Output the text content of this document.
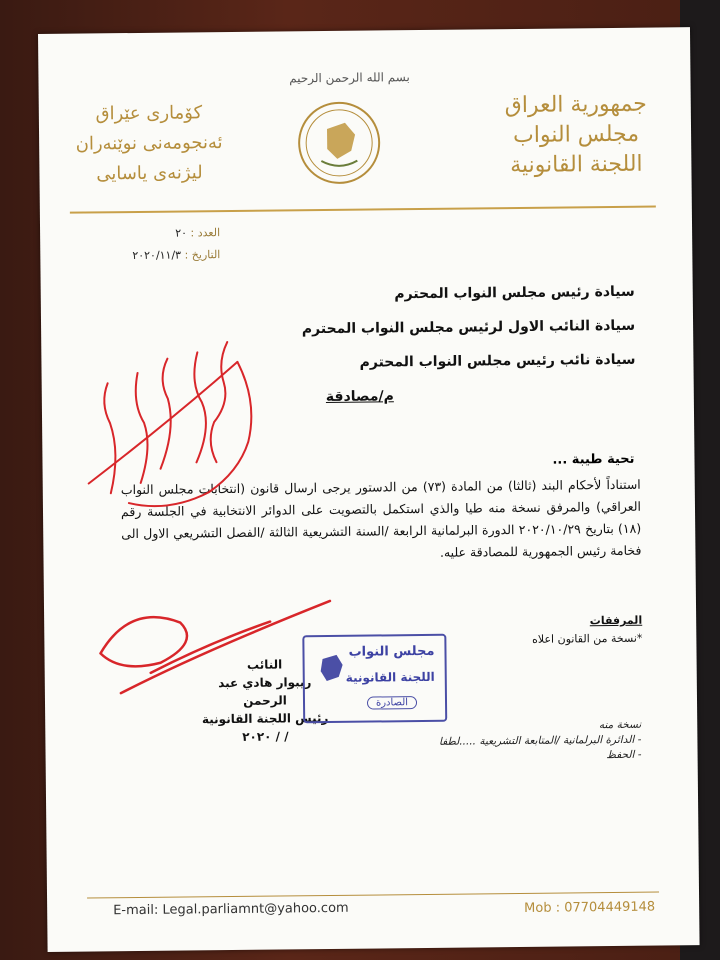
بسم الله الرحمن الرحيم
جمهورية العراق
مجلس النواب
اللجنة القانونية
کۆماری عێراق
ئەنجومەنی نوێنەران
لیژنەی یاسایی
العدد : ٢٠
التاريخ : ٢٠٢٠/١١/٣
سيادة رئيس مجلس النواب المحترم
سيادة النائب الاول لرئيس مجلس النواب المحترم
سيادة نائب رئيس مجلس النواب المحترم
م/مصادقة
تحية طيبة ...
استناداً لأحكام البند (ثالثا) من المادة (٧٣) من الدستور يرجى ارسال قانون (انتخابات مجلس النواب العراقي) والمرفق نسخة منه طيا والذي استكمل بالتصويت على الدوائر الانتخابية في الجلسة رقم (١٨) بتاريخ ٢٠٢٠/١٠/٢٩ الدورة البرلمانية الرابعة /السنة التشريعية الثالثة /الفصل التشريعي الاول الى فخامة رئيس الجمهورية للمصادقة عليه.
المرفقات
*نسخة من القانون اعلاه
النائب
ريبوار هادي عبد الرحمن
رئيس اللجنة القانونية
/ / ٢٠٢٠
مجلس النواب
اللجنة القانونية
الصادرة
نسخة منه
- الدائرة البرلمانية /المتابعة التشريعية .....لطفا
- الحفظ
E-mail: Legal.parliamnt@yahoo.com	Mob : 07704449148
